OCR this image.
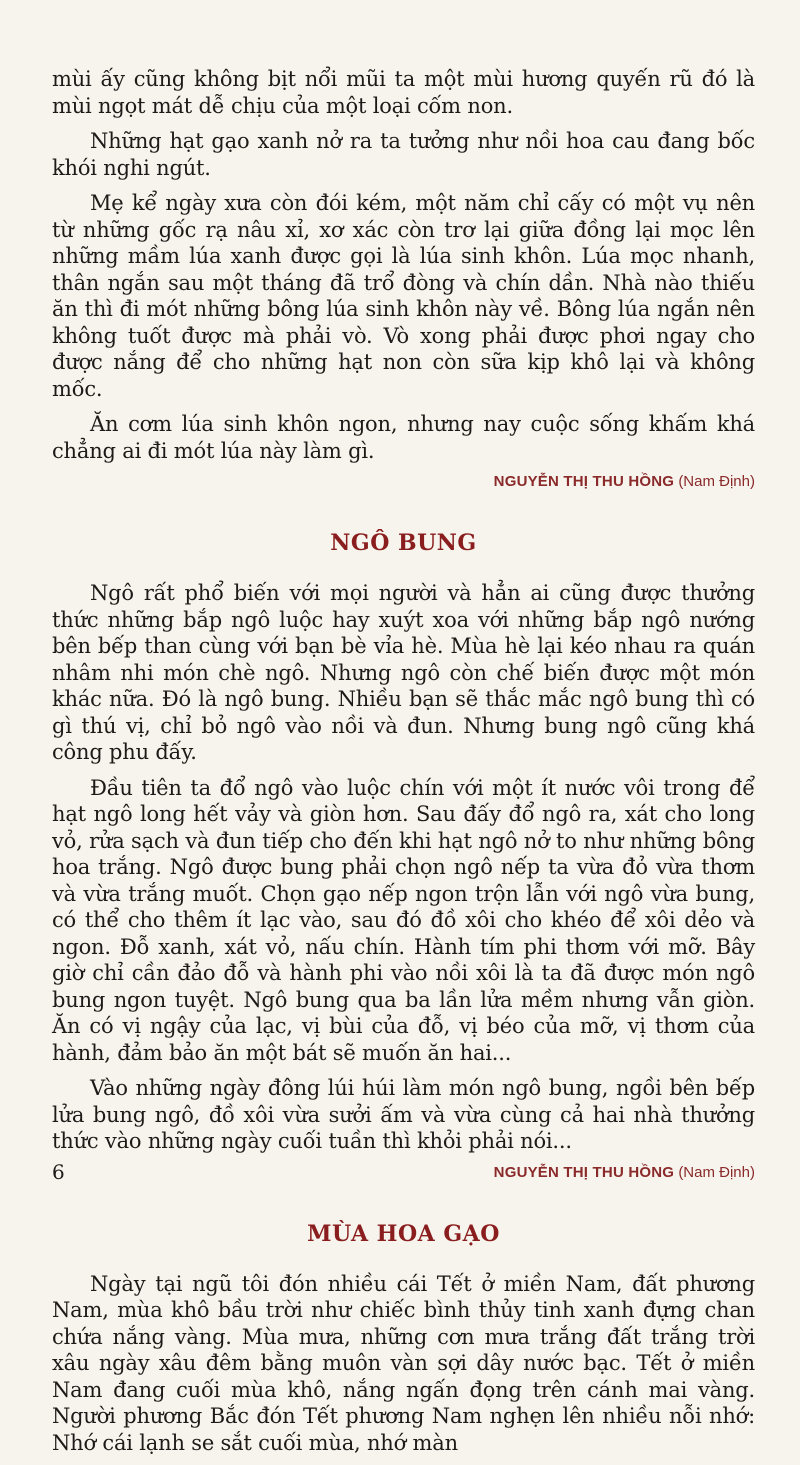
mùi ấy cũng không bịt nổi mũi ta một mùi hương quyến rũ đó là mùi ngọt mát dễ chịu của một loại cốm non.

Những hạt gạo xanh nở ra ta tưởng như nồi hoa cau đang bốc khói nghi ngút.

Mẹ kể ngày xưa còn đói kém, một năm chỉ cấy có một vụ nên từ những gốc rạ nâu xỉ, xơ xác còn trơ lại giữa đồng lại mọc lên những mầm lúa xanh được gọi là lúa sinh khôn. Lúa mọc nhanh, thân ngắn sau một tháng đã trổ đòng và chín dần. Nhà nào thiếu ăn thì đi mót những bông lúa sinh khôn này về. Bông lúa ngắn nên không tuốt được mà phải vò. Vò xong phải được phơi ngay cho được nắng để cho những hạt non còn sữa kịp khô lại và không mốc.

Ăn cơm lúa sinh khôn ngon, nhưng nay cuộc sống khấm khá chẳng ai đi mót lúa này làm gì.

NGUYỄN THỊ THU HỒNG (Nam Định)
NGÔ BUNG

Ngô rất phổ biến với mọi người và hẳn ai cũng được thưởng thức những bắp ngô luộc hay xuýt xoa với những bắp ngô nướng bên bếp than cùng với bạn bè vỉa hè. Mùa hè lại kéo nhau ra quán nhâm nhi món chè ngô. Nhưng ngô còn chế biến được một món khác nữa. Đó là ngô bung. Nhiều bạn sẽ thắc mắc ngô bung thì có gì thú vị, chỉ bỏ ngô vào nồi và đun. Nhưng bung ngô cũng khá công phu đấy.

Đầu tiên ta đổ ngô vào luộc chín với một ít nước vôi trong để hạt ngô long hết vảy và giòn hơn. Sau đấy đổ ngô ra, xát cho long vỏ, rửa sạch và đun tiếp cho đến khi hạt ngô nở to như những bông hoa trắng. Ngô được bung phải chọn ngô nếp ta vừa đỏ vừa thơm và vừa trắng muốt. Chọn gạo nếp ngon trộn lẫn với ngô vừa bung, có thể cho thêm ít lạc vào, sau đó đồ xôi cho khéo để xôi dẻo và ngon. Đỗ xanh, xát vỏ, nấu chín. Hành tím phi thơm với mỡ. Bây giờ chỉ cần đảo đỗ và hành phi vào nồi xôi là ta đã được món ngô bung ngon tuyệt. Ngô bung qua ba lần lửa mềm nhưng vẫn giòn. Ăn có vị ngậy của lạc, vị bùi của đỗ, vị béo của mỡ, vị thơm của hành, đảm bảo ăn một bát sẽ muốn ăn hai...

Vào những ngày đông lúi húi làm món ngô bung, ngồi bên bếp lửa bung ngô, đồ xôi vừa sưởi ấm và vừa cùng cả hai nhà thưởng thức vào những ngày cuối tuần thì khỏi phải nói...

NGUYỄN THỊ THU HỒNG (Nam Định)
MÙA HOA GẠO

Ngày tại ngũ tôi đón nhiều cái Tết ở miền Nam, đất phương Nam, mùa khô bầu trời như chiếc bình thủy tinh xanh đựng chan chứa nắng vàng. Mùa mưa, những cơn mưa trắng đất trắng trời xâu ngày xâu đêm bằng muôn vàn sợi dây nước bạc. Tết ở miền Nam đang cuối mùa khô, nắng ngấn đọng trên cánh mai vàng. Người phương Bắc đón Tết phương Nam nghẹn lên nhiều nỗi nhớ: Nhớ cái lạnh se sắt cuối mùa, nhớ màn

6
